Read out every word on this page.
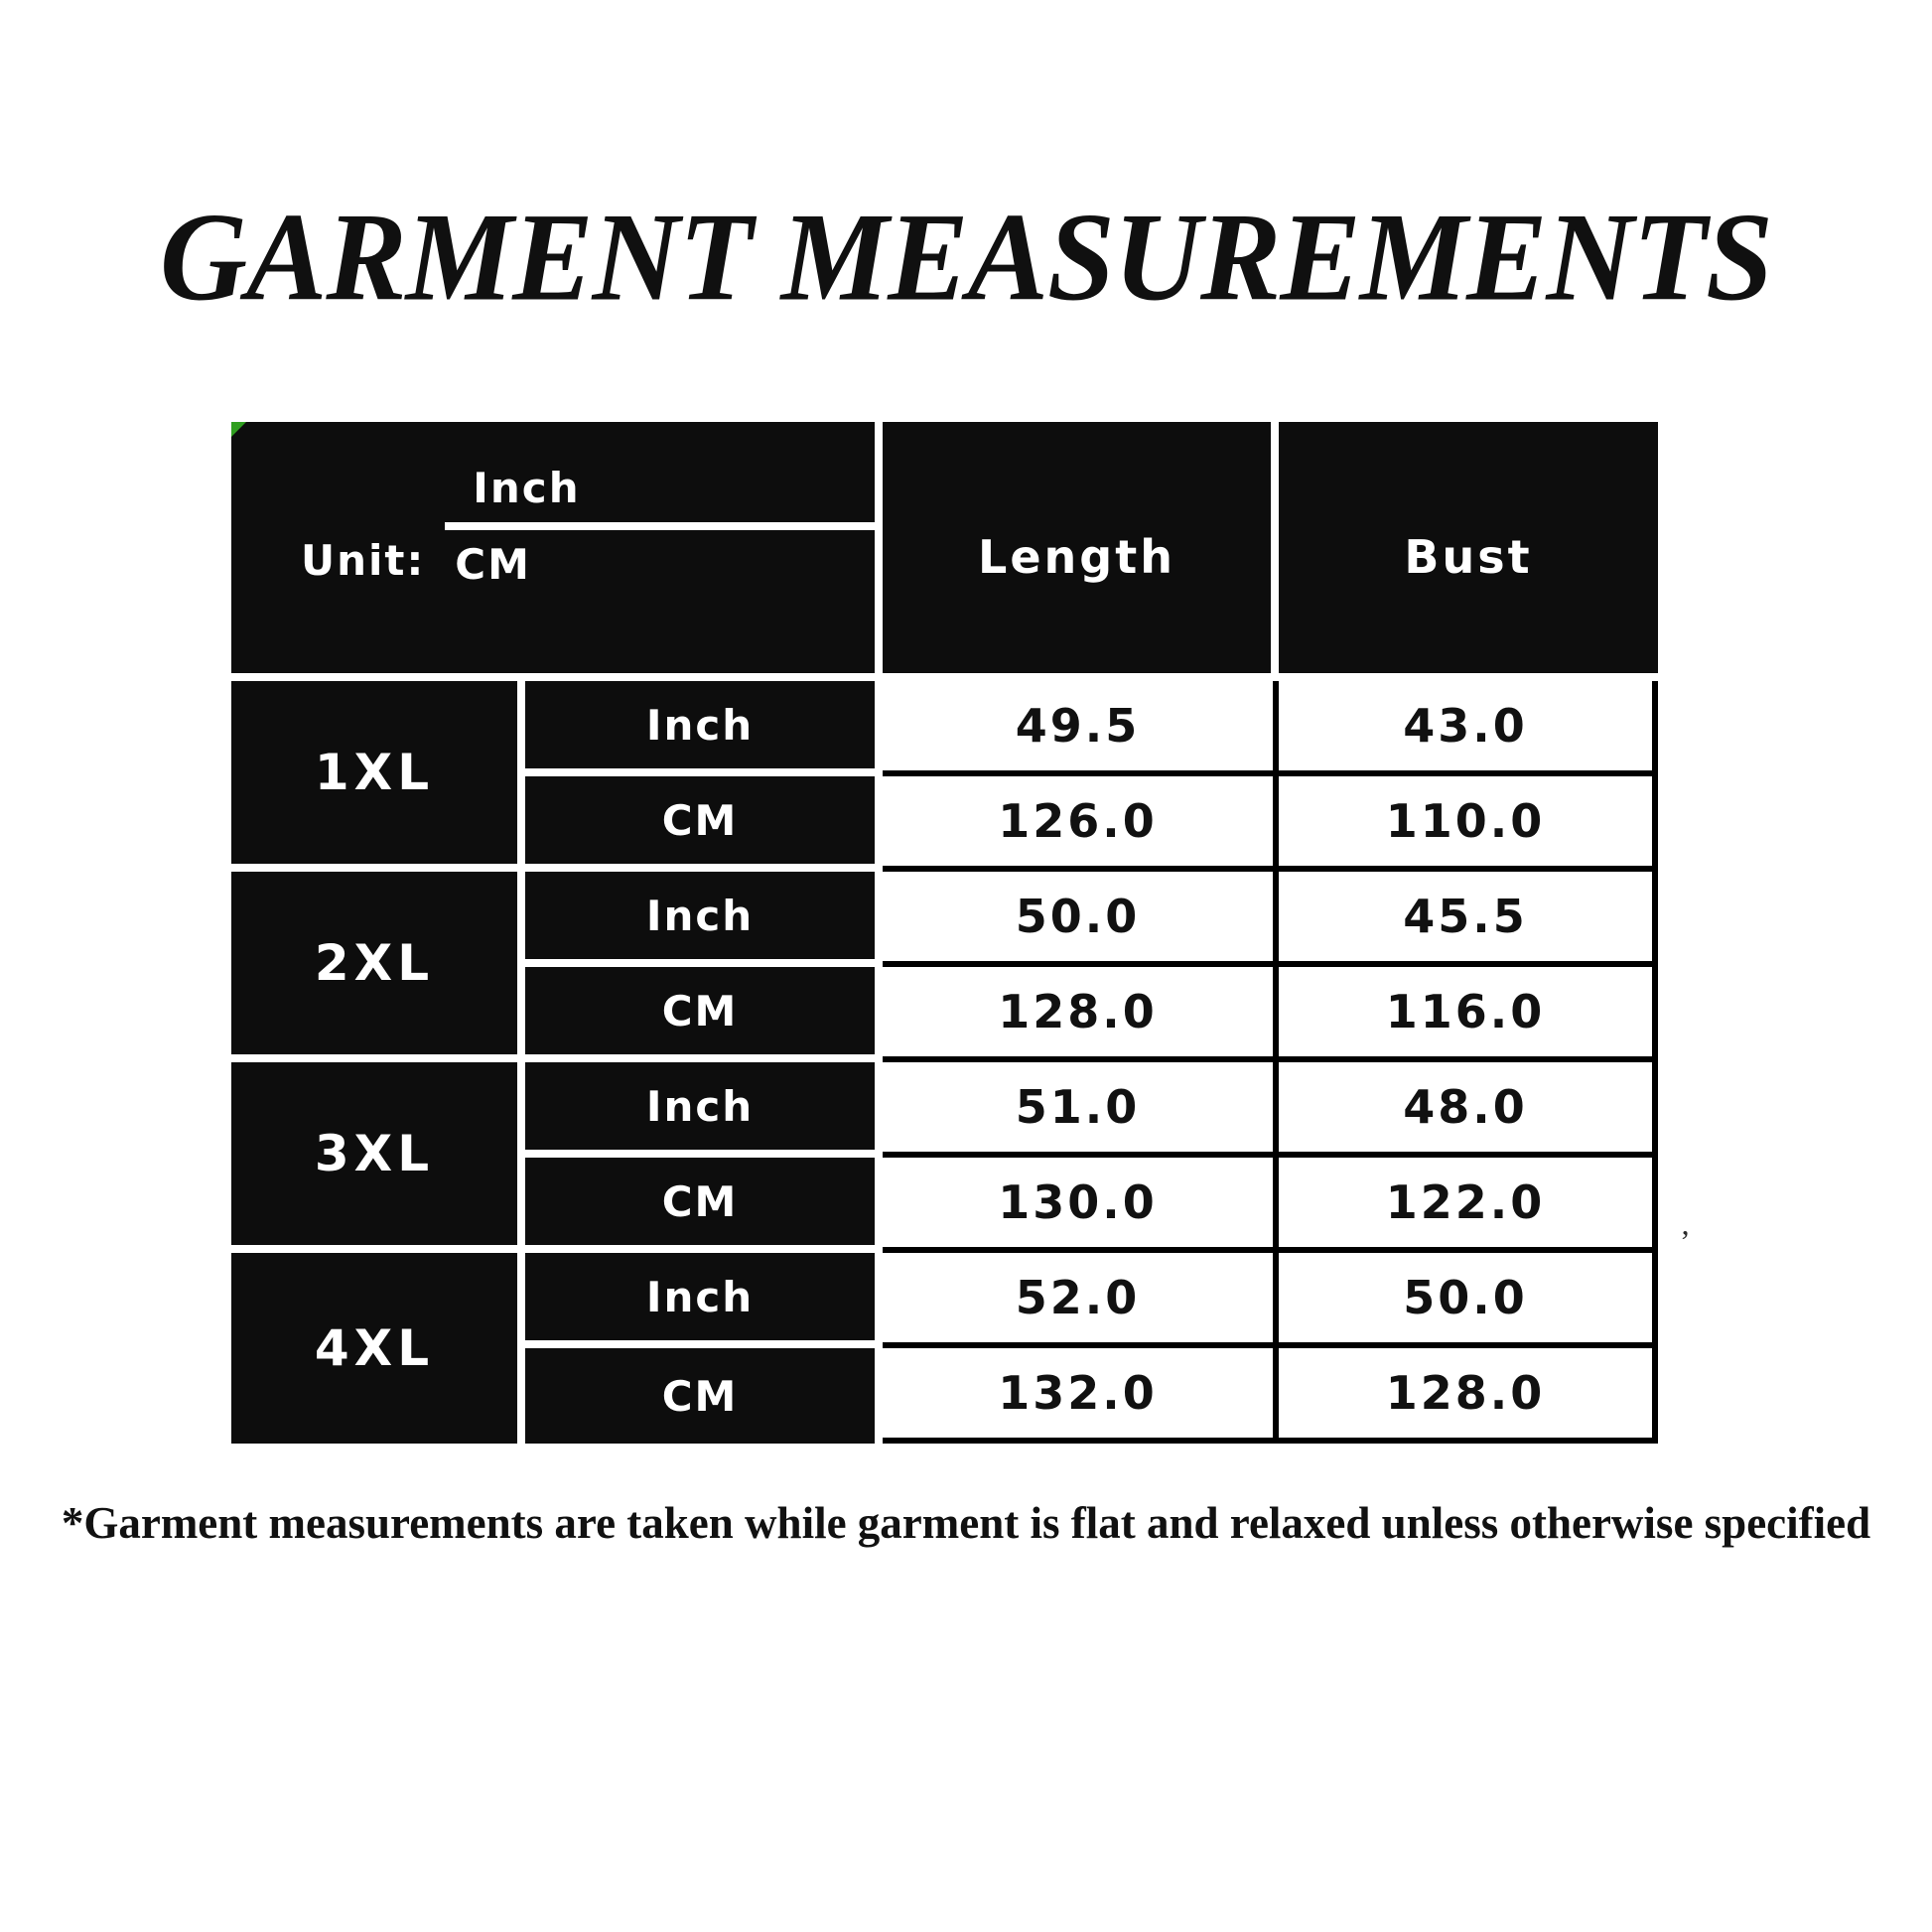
GARMENT MEASUREMENTS
Unit: $\frac{\text{Inch}}{CM}$	Length	Bust
1XL
Inch	49.5	43.0
CM	126.0	110.0
2XL
Inch	50.0	45.5
CM	128.0	116.0
3XL
Inch	51.0	48.0
CM	130.0	122.0
4XL
Inch	52.0	50.0
CM	132.0	128.0
’

*Garment measurements are taken while garment is flat and relaxed unless otherwise specified
